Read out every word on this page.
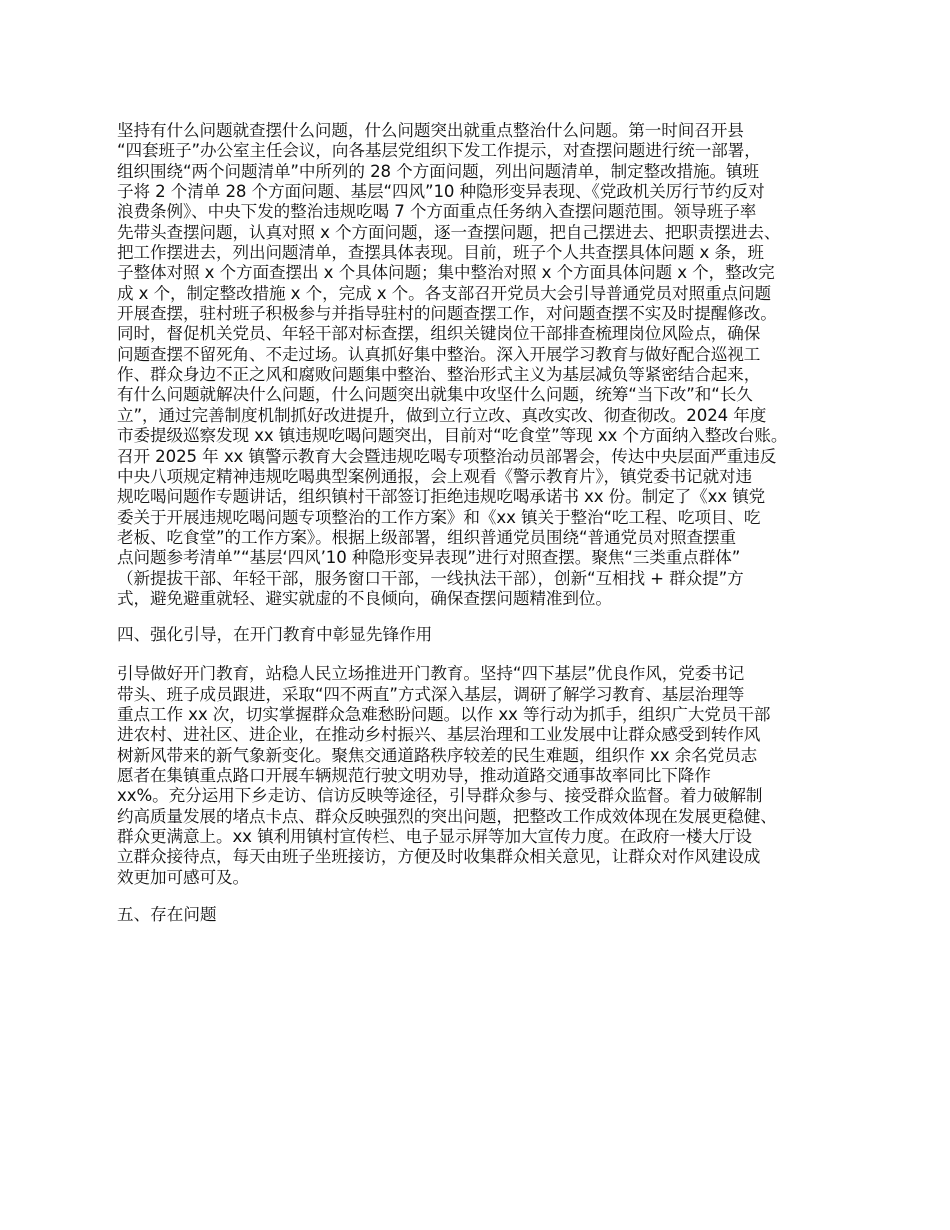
坚持有什么问题就查摆什么问题，什么问题突出就重点整治什么问题。第一时间召开县
“四套班子”办公室主任会议，向各基层党组织下发工作提示，对查摆问题进行统一部署，
组织围绕“两个问题清单”中所列的 28 个方面问题，列出问题清单，制定整改措施。镇班
子将 2 个清单 28 个方面问题、基层“四风”10 种隐形变异表现、《党政机关厉行节约反对
浪费条例》、中央下发的整治违规吃喝 7 个方面重点任务纳入查摆问题范围。领导班子率
先带头查摆问题，认真对照 x 个方面问题，逐一查摆问题，把自己摆进去、把职责摆进去、
把工作摆进去，列出问题清单，查摆具体表现。目前，班子个人共查摆具体问题 x 条，班
子整体对照 x 个方面查摆出 x 个具体问题；集中整治对照 x 个方面具体问题 x 个，整改完
成 x 个，制定整改措施 x 个，完成 x 个。各支部召开党员大会引导普通党员对照重点问题
开展查摆，驻村班子积极参与并指导驻村的问题查摆工作，对问题查摆不实及时提醒修改。
同时，督促机关党员、年轻干部对标查摆，组织关键岗位干部排查梳理岗位风险点，确保
问题查摆不留死角、不走过场。认真抓好集中整治。深入开展学习教育与做好配合巡视工
作、群众身边不正之风和腐败问题集中整治、整治形式主义为基层减负等紧密结合起来，
有什么问题就解决什么问题，什么问题突出就集中攻坚什么问题，统筹“当下改”和“长久
立”，通过完善制度机制抓好改进提升，做到立行立改、真改实改、彻查彻改。2024 年度
市委提级巡察发现 xx 镇违规吃喝问题突出，目前对“吃食堂”等现 xx 个方面纳入整改台账。
召开 2025 年 xx 镇警示教育大会暨违规吃喝专项整治动员部署会，传达中央层面严重违反
中央八项规定精神违规吃喝典型案例通报，会上观看《警示教育片》，镇党委书记就对违
规吃喝问题作专题讲话，组织镇村干部签订拒绝违规吃喝承诺书 xx 份。制定了《xx 镇党
委关于开展违规吃喝问题专项整治的工作方案》和《xx 镇关于整治“吃工程、吃项目、吃
老板、吃食堂”的工作方案》。根据上级部署，组织普通党员围绕“普通党员对照查摆重
点问题参考清单”“基层‘四风’10 种隐形变异表现”进行对照查摆。聚焦“三类重点群体”
（新提拔干部、年轻干部，服务窗口干部，一线执法干部），创新“互相找 + 群众提”方
式，避免避重就轻、避实就虚的不良倾向，确保查摆问题精准到位。
四、强化引导，在开门教育中彰显先锋作用
引导做好开门教育，站稳人民立场推进开门教育。坚持“四下基层”优良作风，党委书记
带头、班子成员跟进，采取“四不两直”方式深入基层，调研了解学习教育、基层治理等
重点工作 xx 次，切实掌握群众急难愁盼问题。以作 xx 等行动为抓手，组织广大党员干部
进农村、进社区、进企业，在推动乡村振兴、基层治理和工业发展中让群众感受到转作风
树新风带来的新气象新变化。聚焦交通道路秩序较差的民生难题，组织作 xx 余名党员志
愿者在集镇重点路口开展车辆规范行驶文明劝导，推动道路交通事故率同比下降作
xx%。充分运用下乡走访、信访反映等途径，引导群众参与、接受群众监督。着力破解制
约高质量发展的堵点卡点、群众反映强烈的突出问题，把整改工作成效体现在发展更稳健、
群众更满意上。xx 镇利用镇村宣传栏、电子显示屏等加大宣传力度。在政府一楼大厅设
立群众接待点，每天由班子坐班接访，方便及时收集群众相关意见，让群众对作风建设成
效更加可感可及。
五、存在问题
